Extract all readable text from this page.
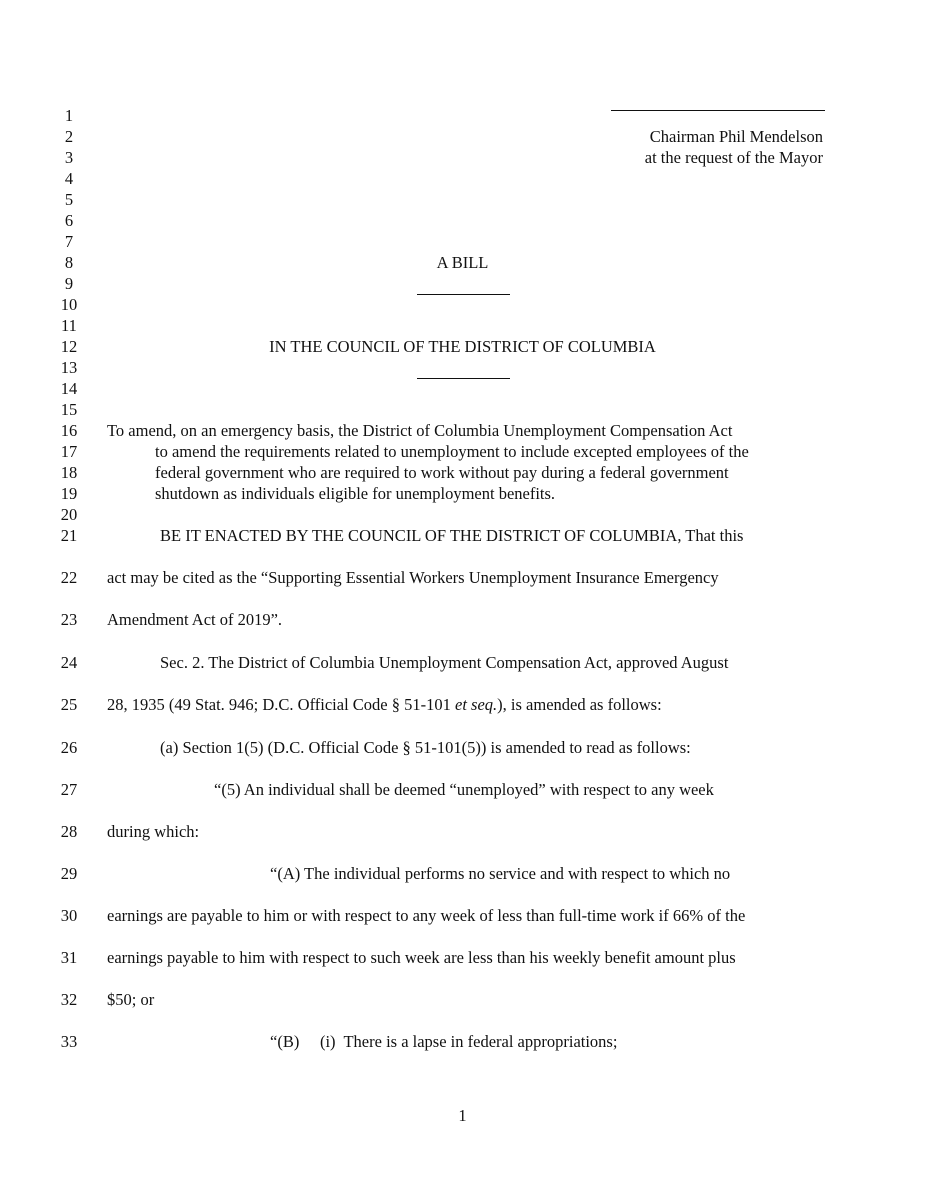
1
2
3
4
5
6
7
8
9
10
11
12
13
14
15
16
17
18
19
20
21
22
23
24
25
26
27
28
29
30
31
32
33
Chairman Phil Mendelson
at the request of the Mayor
A BILL
IN THE COUNCIL OF THE DISTRICT OF COLUMBIA
To amend, on an emergency basis, the District of Columbia Unemployment Compensation Act
to amend the requirements related to unemployment to include excepted employees of the
federal government who are required to work without pay during a federal government
shutdown as individuals eligible for unemployment benefits.
BE IT ENACTED BY THE COUNCIL OF THE DISTRICT OF COLUMBIA, That this
act may be cited as the “Supporting Essential Workers Unemployment Insurance Emergency
Amendment Act of 2019”.
Sec. 2. The District of Columbia Unemployment Compensation Act, approved August
28, 1935 (49 Stat. 946; D.C. Official Code § 51-101 et seq.), is amended as follows:
(a) Section 1(5) (D.C. Official Code § 51-101(5)) is amended to read as follows:
“(5) An individual shall be deemed “unemployed” with respect to any week
during which:
“(A) The individual performs no service and with respect to which no
earnings are payable to him or with respect to any week of less than full-time work if 66% of the
earnings payable to him with respect to such week are less than his weekly benefit amount plus
$50; or
“(B)     (i)  There is a lapse in federal appropriations;
1
